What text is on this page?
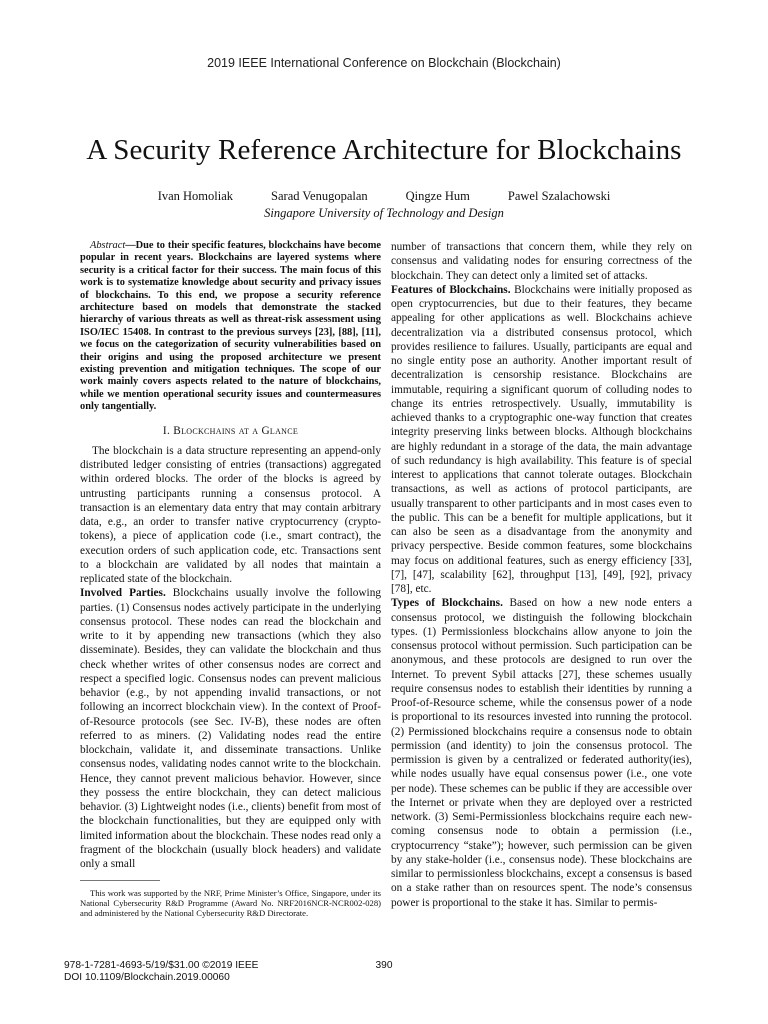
2019 IEEE International Conference on Blockchain (Blockchain)
A Security Reference Architecture for Blockchains
Ivan Homoliak	Sarad Venugopalan	Qingze Hum	Pawel Szalachowski
Singapore University of Technology and Design

Abstract—Due to their specific features, blockchains have become popular in recent years. Blockchains are layered systems where security is a critical factor for their success. The main focus of this work is to systematize knowledge about security and privacy issues of blockchains. To this end, we propose a security reference architecture based on models that demonstrate the stacked hierarchy of various threats as well as threat-risk assessment using ISO/IEC 15408. In contrast to the previous surveys [23], [88], [11], we focus on the categorization of security vulnerabilities based on their origins and using the proposed architecture we present existing prevention and mitigation techniques. The scope of our work mainly covers aspects related to the nature of blockchains, while we mention operational security issues and countermeasures only tangentially.

I. Blockchains at a Glance

The blockchain is a data structure representing an append-only distributed ledger consisting of entries (transactions) aggregated within ordered blocks. The order of the blocks is agreed by untrusting participants running a consensus protocol. A transaction is an elementary data entry that may contain arbitrary data, e.g., an order to transfer native cryptocurrency (crypto-tokens), a piece of application code (i.e., smart contract), the execution orders of such application code, etc. Transactions sent to a blockchain are validated by all nodes that maintain a replicated state of the blockchain.

Involved Parties. Blockchains usually involve the following parties. (1) Consensus nodes actively participate in the underlying consensus protocol. These nodes can read the blockchain and write to it by appending new transactions (which they also disseminate). Besides, they can validate the blockchain and thus check whether writes of other consensus nodes are correct and respect a specified logic. Consensus nodes can prevent malicious behavior (e.g., by not appending invalid transactions, or not following an incorrect blockchain view). In the context of Proof-of-Resource protocols (see Sec. IV-B), these nodes are often referred to as miners. (2) Validating nodes read the entire blockchain, validate it, and disseminate transactions. Unlike consensus nodes, validating nodes cannot write to the blockchain. Hence, they cannot prevent malicious behavior. However, since they possess the entire blockchain, they can detect malicious behavior. (3) Lightweight nodes (i.e., clients) benefit from most of the blockchain functionalities, but they are equipped only with limited information about the blockchain. These nodes read only a fragment of the blockchain (usually block headers) and validate only a small

This work was supported by the NRF, Prime Minister’s Office, Singapore, under its National Cybersecurity R&D Programme (Award No. NRF2016NCR-NCR002-028) and administered by the National Cybersecurity R&D Directorate.

number of transactions that concern them, while they rely on consensus and validating nodes for ensuring correctness of the blockchain. They can detect only a limited set of attacks.

Features of Blockchains. Blockchains were initially proposed as open cryptocurrencies, but due to their features, they became appealing for other applications as well. Blockchains achieve decentralization via a distributed consensus protocol, which provides resilience to failures. Usually, participants are equal and no single entity pose an authority. Another important result of decentralization is censorship resistance. Blockchains are immutable, requiring a significant quorum of colluding nodes to change its entries retrospectively. Usually, immutability is achieved thanks to a cryptographic one-way function that creates integrity preserving links between blocks. Although blockchains are highly redundant in a storage of the data, the main advantage of such redundancy is high availability. This feature is of special interest to applications that cannot tolerate outages. Blockchain transactions, as well as actions of protocol participants, are usually transparent to other participants and in most cases even to the public. This can be a benefit for multiple applications, but it can also be seen as a disadvantage from the anonymity and privacy perspective. Beside common features, some blockchains may focus on additional features, such as energy efficiency [33], [7], [47], scalability [62], throughput [13], [49], [92], privacy [78], etc.

Types of Blockchains. Based on how a new node enters a consensus protocol, we distinguish the following blockchain types. (1) Permissionless blockchains allow anyone to join the consensus protocol without permission. Such participation can be anonymous, and these protocols are designed to run over the Internet. To prevent Sybil attacks [27], these schemes usually require consensus nodes to establish their identities by running a Proof-of-Resource scheme, while the consensus power of a node is proportional to its resources invested into running the protocol. (2) Permissioned blockchains require a consensus node to obtain permission (and identity) to join the consensus protocol. The permission is given by a centralized or federated authority(ies), while nodes usually have equal consensus power (i.e., one vote per node). These schemes can be public if they are accessible over the Internet or private when they are deployed over a restricted network. (3) Semi-Permissionless blockchains require each new-coming consensus node to obtain a permission (i.e., cryptocurrency “stake”); however, such permission can be given by any stake-holder (i.e., consensus node). These blockchains are similar to permissionless blockchains, except a consensus is based on a stake rather than on resources spent. The node’s consensus power is proportional to the stake it has. Similar to permis-

978-1-7281-4693-5/19/$31.00 ©2019 IEEE
DOI 10.1109/Blockchain.2019.00060
390
